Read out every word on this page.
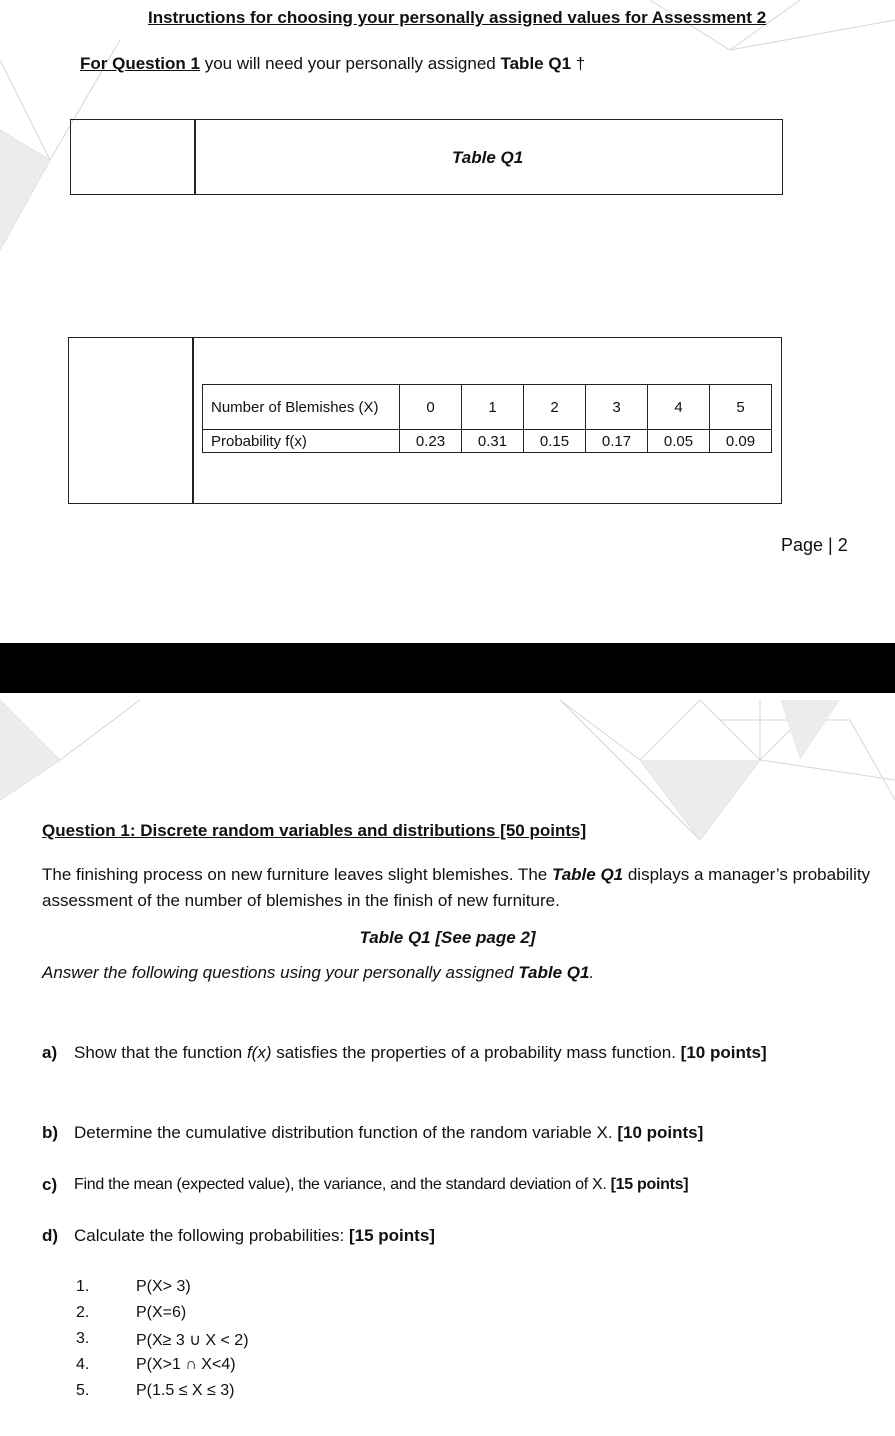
Instructions for choosing your personally assigned values for Assessment 2
For Question 1 you will need your personally assigned Table Q1 †
Table Q1
Number of Blemishes (X)	0	1	2	3	4	5
Probability f(x)	0.23	0.31	0.15	0.17	0.05	0.09
Page | 2
Question 1: Discrete random variables and distributions [50 points]
The finishing process on new furniture leaves slight blemishes. The Table Q1 displays a manager’s probability assessment of the number of blemishes in the finish of new furniture.
Table Q1 [See page 2]
Answer the following questions using your personally assigned Table Q1.
a) Show that the function f(x) satisfies the properties of a probability mass function. [10 points]
b) Determine the cumulative distribution function of the random variable X. [10 points]
c) Find the mean (expected value), the variance, and the standard deviation of X. [15 points]
d) Calculate the following probabilities: [15 points]
1.	P(X> 3)
2.	P(X=6)
3.	P(X≥ 3 ∪ X < 2)
4.	P(X>1 ∩ X<4)
5.	P(1.5 ≤ X ≤ 3)
